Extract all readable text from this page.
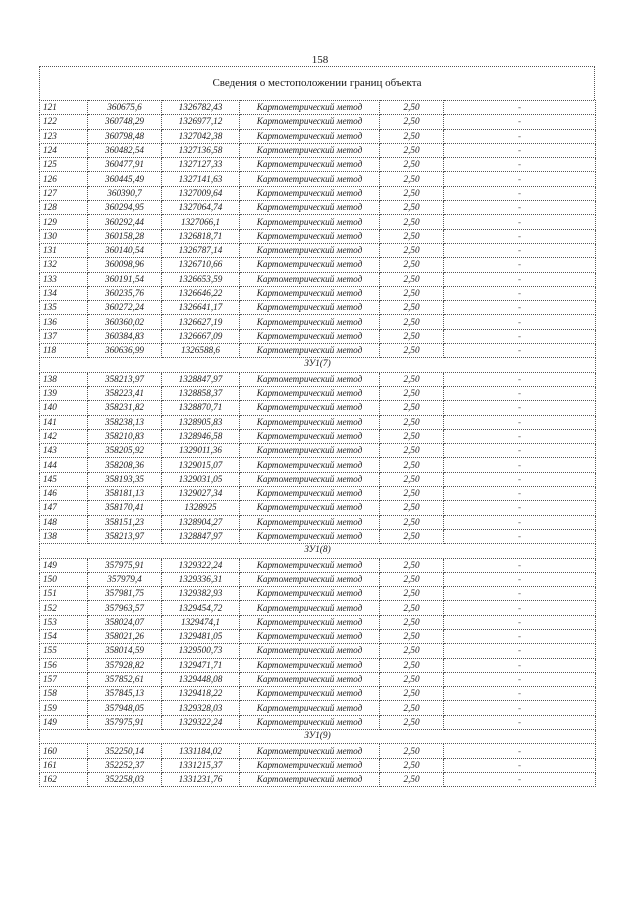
158
Сведения о местоположении границ объекта
121	360675,6	1326782,43	Картометрический метод	2,50	-
122	360748,29	1326977,12	Картометрический метод	2,50	-
123	360798,48	1327042,38	Картометрический метод	2,50	-
124	360482,54	1327136,58	Картометрический метод	2,50	-
125	360477,91	1327127,33	Картометрический метод	2,50	-
126	360445,49	1327141,63	Картометрический метод	2,50	-
127	360390,7	1327009,64	Картометрический метод	2,50	-
128	360294,95	1327064,74	Картометрический метод	2,50	-
129	360292,44	1327066,1	Картометрический метод	2,50	-
130	360158,28	1326818,71	Картометрический метод	2,50	-
131	360140,54	1326787,14	Картометрический метод	2,50	-
132	360098,96	1326710,66	Картометрический метод	2,50	-
133	360191,54	1326653,59	Картометрический метод	2,50	-
134	360235,76	1326646,22	Картометрический метод	2,50	-
135	360272,24	1326641,17	Картометрический метод	2,50	-
136	360360,02	1326627,19	Картометрический метод	2,50	-
137	360384,83	1326667,09	Картометрический метод	2,50	-
118	360636,99	1326588,6	Картометрический метод	2,50	-
ЗУ1(7)					
138	358213,97	1328847,97	Картометрический метод	2,50	-
139	358223,41	1328858,37	Картометрический метод	2,50	-
140	358231,82	1328870,71	Картометрический метод	2,50	-
141	358238,13	1328905,83	Картометрический метод	2,50	-
142	358210,83	1328946,58	Картометрический метод	2,50	-
143	358205,92	1329011,36	Картометрический метод	2,50	-
144	358208,36	1329015,07	Картометрический метод	2,50	-
145	358193,35	1329031,05	Картометрический метод	2,50	-
146	358181,13	1329027,34	Картометрический метод	2,50	-
147	358170,41	1328925	Картометрический метод	2,50	-
148	358151,23	1328904,27	Картометрический метод	2,50	-
138	358213,97	1328847,97	Картометрический метод	2,50	-
ЗУ1(8)					
149	357975,91	1329322,24	Картометрический метод	2,50	-
150	357979,4	1329336,31	Картометрический метод	2,50	-
151	357981,75	1329382,93	Картометрический метод	2,50	-
152	357963,57	1329454,72	Картометрический метод	2,50	-
153	358024,07	1329474,1	Картометрический метод	2,50	-
154	358021,26	1329481,05	Картометрический метод	2,50	-
155	358014,59	1329500,73	Картометрический метод	2,50	-
156	357928,82	1329471,71	Картометрический метод	2,50	-
157	357852,61	1329448,08	Картометрический метод	2,50	-
158	357845,13	1329418,22	Картометрический метод	2,50	-
159	357948,05	1329328,03	Картометрический метод	2,50	-
149	357975,91	1329322,24	Картометрический метод	2,50	-
ЗУ1(9)					
160	352250,14	1331184,02	Картометрический метод	2,50	-
161	352252,37	1331215,37	Картометрический метод	2,50	-
162	352258,03	1331231,76	Картометрический метод	2,50	-
